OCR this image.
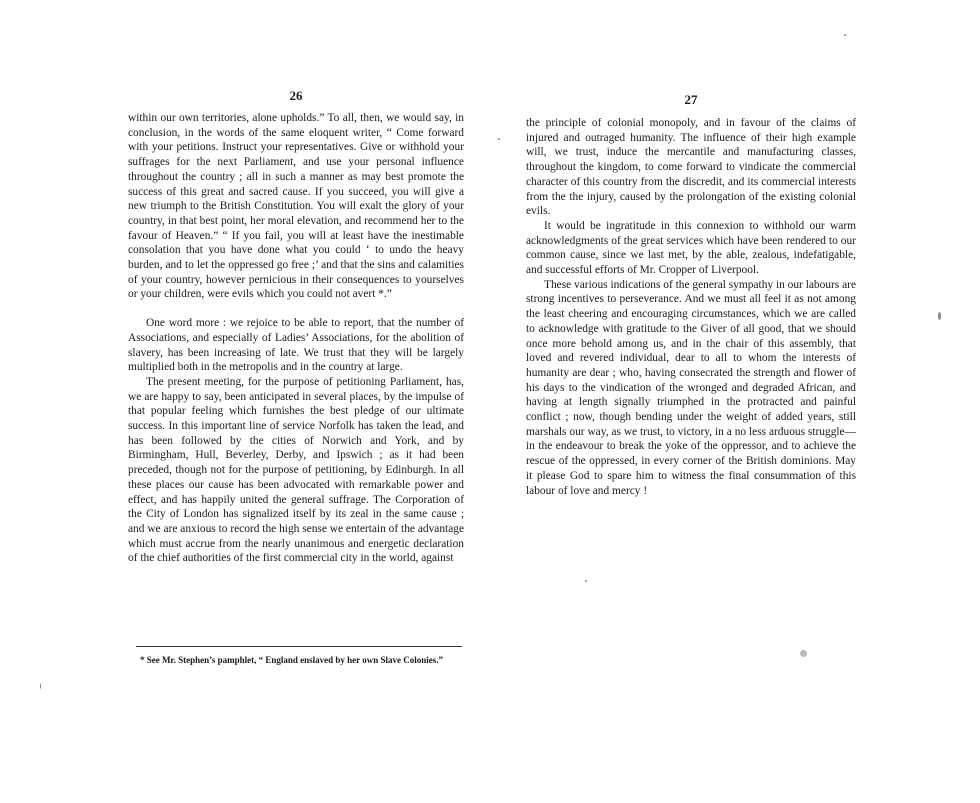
26

within our own territories, alone upholds.” To all, then, we would say, in conclusion, in the words of the same eloquent writer, “ Come forward with your petitions. Instruct your representatives. Give or withhold your suffrages for the next Parliament, and use your personal influence throughout the country ; all in such a manner as may best promote the success of this great and sacred cause. If you succeed, you will give a new triumph to the British Constitution. You will exalt the glory of your country, in that best point, her moral elevation, and recommend her to the favour of Heaven.” “ If you fail, you will at least have the inestimable consolation that you have done what you could ‘ to undo the heavy burden, and to let the oppressed go free ;’ and that the sins and calamities of your country, however pernicious in their consequences to yourselves or your children, were evils which you could not avert *.”

One word more : we rejoice to be able to report, that the number of Associations, and especially of Ladies’ Associations, for the abolition of slavery, has been increasing of late. We trust that they will be largely multiplied both in the metropolis and in the country at large.

The present meeting, for the purpose of petitioning Parliament, has, we are happy to say, been anticipated in several places, by the impulse of that popular feeling which furnishes the best pledge of our ultimate success. In this important line of service Norfolk has taken the lead, and has been followed by the cities of Norwich and York, and by Birmingham, Hull, Beverley, Derby, and Ipswich ; as it had been preceded, though not for the purpose of petitioning, by Edinburgh. In all these places our cause has been advocated with remarkable power and effect, and has happily united the general suffrage. The Corporation of the City of London has signalized itself by its zeal in the same cause ; and we are anxious to record the high sense we entertain of the advantage which must accrue from the nearly unanimous and energetic declaration of the chief authorities of the first commercial city in the world, against

* See Mr. Stephen’s pamphlet, “ England enslaved by her own Slave Colonies.”
27

the principle of colonial monopoly, and in favour of the claims of injured and outraged humanity. The influence of their high example will, we trust, induce the mercantile and manufacturing classes, throughout the kingdom, to come forward to vindicate the commercial character of this country from the discredit, and its commercial interests from the the injury, caused by the prolongation of the existing colonial evils.

It would be ingratitude in this connexion to withhold our warm acknowledgments of the great services which have been rendered to our common cause, since we last met, by the able, zealous, indefatigable, and successful efforts of Mr. Cropper of Liverpool.

These various indications of the general sympathy in our labours are strong incentives to perseverance. And we must all feel it as not among the least cheering and encouraging circumstances, which we are called to acknowledge with gratitude to the Giver of all good, that we should once more behold among us, and in the chair of this assembly, that loved and revered individual, dear to all to whom the interests of humanity are dear ; who, having consecrated the strength and flower of his days to the vindication of the wronged and degraded African, and having at length signally triumphed in the protracted and painful conflict ; now, though bending under the weight of added years, still marshals our way, as we trust, to victory, in a no less arduous struggle—in the endeavour to break the yoke of the oppressor, and to achieve the rescue of the oppressed, in every corner of the British dominions. May it please God to spare him to witness the final consummation of this labour of love and mercy !
